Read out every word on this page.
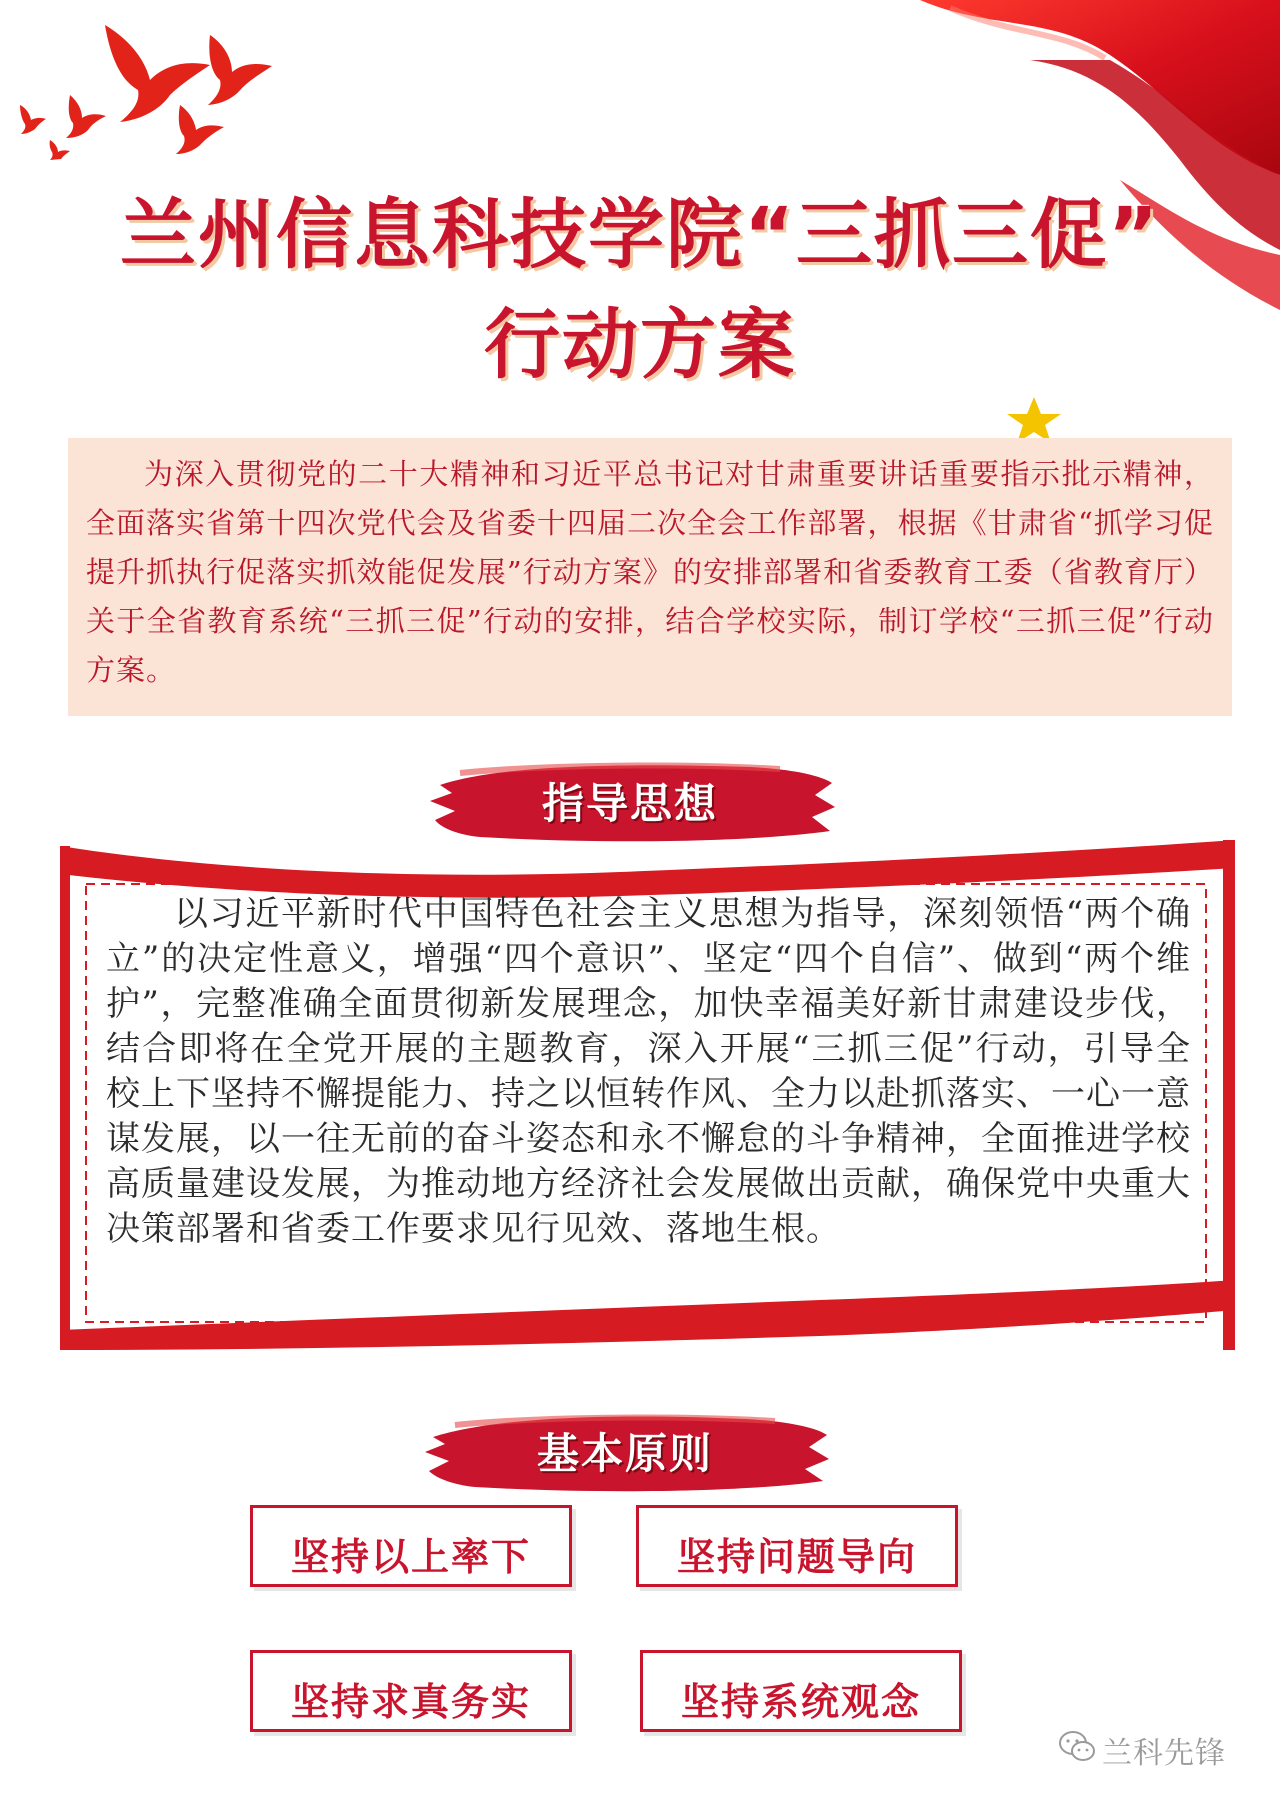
兰州信息科技学院“三抓三促”
行动方案

为深入贯彻党的二十大精神和习近平总书记对甘肃重要讲话重要指示批示精神，全面落实省第十四次党代会及省委十四届二次全会工作部署，根据《甘肃省“抓学习促提升抓执行促落实抓效能促发展”行动方案》的安排部署和省委教育工委（省教育厅）关于全省教育系统“三抓三促”行动的安排，结合学校实际，制订学校“三抓三促”行动方案。

指导思想

以习近平新时代中国特色社会主义思想为指导，深刻领悟“两个确立”的决定性意义，增强“四个意识”、坚定“四个自信”、做到“两个维护”，完整准确全面贯彻新发展理念，加快幸福美好新甘肃建设步伐，结合即将在全党开展的主题教育，深入开展“三抓三促”行动，引导全校上下坚持不懈提能力、持之以恒转作风、全力以赴抓落实、一心一意谋发展，以一往无前的奋斗姿态和永不懈怠的斗争精神，全面推进学校高质量建设发展，为推动地方经济社会发展做出贡献，确保党中央重大决策部署和省委工作要求见行见效、落地生根。

基本原则
坚持以上率下	坚持问题导向
坚持求真务实	坚持系统观念
兰科先锋
